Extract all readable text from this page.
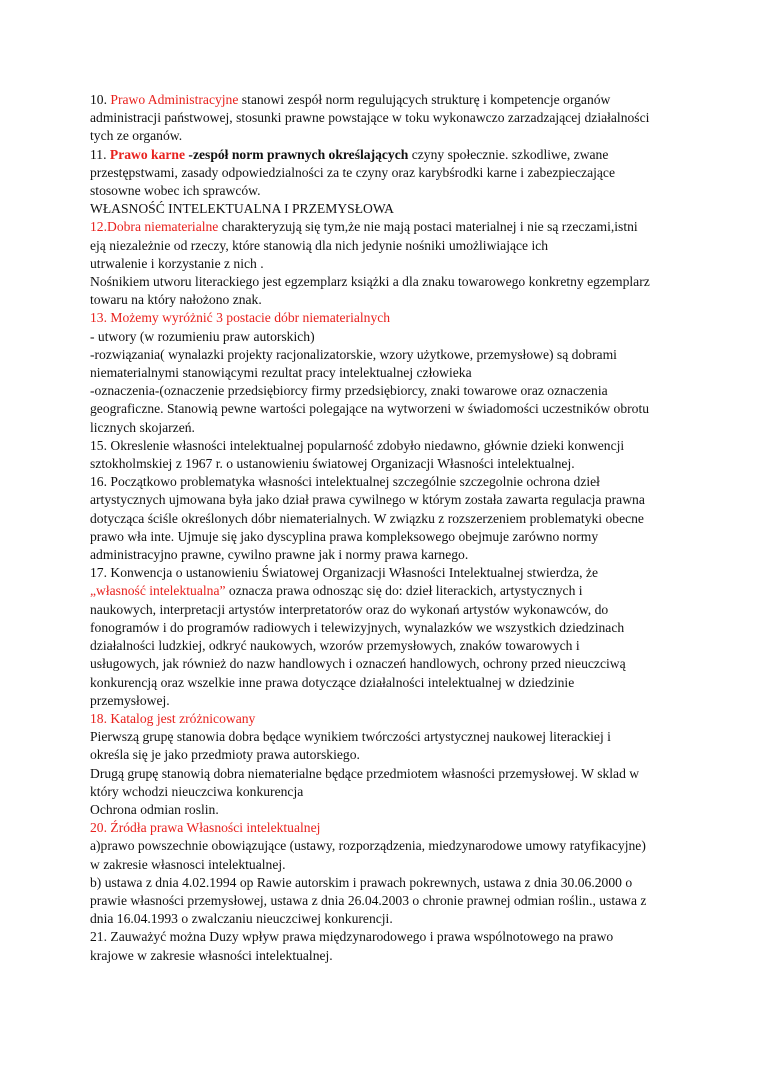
10. Prawo Administracyjne stanowi zespół norm regulujących strukturę i kompetencje organów
administracji państwowej, stosunki prawne powstające w toku wykonawczo zarzadzającej działalności
tych ze organów.
11. Prawo karne -zespół norm prawnych określających czyny społecznie. szkodliwe, zwane
przestępstwami, zasady odpowiedzialności za te czyny oraz karybśrodki karne i zabezpieczające
stosowne wobec ich sprawców.
WŁASNOŚĆ INTELEKTUALNA I PRZEMYSŁOWA
12.Dobra niematerialne charakteryzują się tym,że nie mają postaci materialnej i nie są rzeczami,istni
eją niezależnie od rzeczy, które stanowią dla nich jedynie nośniki umożliwiające ich
utrwalenie i korzystanie z nich .
Nośnikiem utworu literackiego jest egzemplarz książki a dla znaku towarowego konkretny egzemplarz
towaru na który nałożono znak.
13. Możemy wyróżnić 3 postacie dóbr niematerialnych
- utwory (w rozumieniu praw autorskich)
-rozwiązania( wynalazki projekty racjonalizatorskie, wzory użytkowe, przemysłowe) są dobrami
niematerialnymi stanowiącymi rezultat pracy intelektualnej człowieka
-oznaczenia-(oznaczenie przedsiębiorcy firmy przedsiębiorcy, znaki towarowe oraz oznaczenia
geograficzne. Stanowią pewne wartości polegające na wytworzeni w świadomości uczestników obrotu
licznych skojarzeń.
15. Okreslenie własności intelektualnej popularność zdobyło niedawno, głównie dzieki konwencji
sztokholmskiej z 1967 r. o ustanowieniu światowej Organizacji Własności intelektualnej.
16. Początkowo problematyka własności intelektualnej szczególnie szczegolnie ochrona dzieł
artystycznych ujmowana była jako dział prawa cywilnego w którym została zawarta regulacja prawna
dotycząca ściśle określonych dóbr niematerialnych. W związku z rozszerzeniem problematyki obecne
prawo wła inte. Ujmuje się jako dyscyplina prawa kompleksowego obejmuje zarówno normy
administracyjno prawne, cywilno prawne jak i normy prawa karnego.
17. Konwencja o ustanowieniu Światowej Organizacji Własności Intelektualnej stwierdza, że
„własność intelektualna” oznacza prawa odnosząc się do: dzieł literackich, artystycznych i
naukowych, interpretacji artystów interpretatorów oraz do wykonań artystów wykonawców, do
fonogramów i do programów radiowych i telewizyjnych, wynalazków we wszystkich dziedzinach
działalności ludzkiej, odkryć naukowych, wzorów przemysłowych, znaków towarowych i
usługowych, jak również do nazw handlowych i oznaczeń handlowych, ochrony przed nieuczciwą
konkurencją oraz wszelkie inne prawa dotyczące działalności intelektualnej w dziedzinie
przemysłowej.
18. Katalog jest zróżnicowany
Pierwszą grupę stanowia dobra będące wynikiem twórczości artystycznej naukowej literackiej i
określa się je jako przedmioty prawa autorskiego.
Drugą grupę stanowią dobra niematerialne będące przedmiotem własności przemysłowej. W sklad w
który wchodzi nieuczciwa konkurencja
Ochrona odmian roslin.
20. Źródła prawa Własności intelektualnej
a)prawo powszechnie obowiązujące (ustawy, rozporządzenia, miedzynarodowe umowy ratyfikacyjne)
w zakresie własnosci intelektualnej.
b) ustawa z dnia 4.02.1994 op Rawie autorskim i prawach pokrewnych, ustawa z dnia 30.06.2000 o
prawie własności przemysłowej, ustawa z dnia 26.04.2003 o chronie prawnej odmian roślin., ustawa z
dnia 16.04.1993 o zwalczaniu nieuczciwej konkurencji.
21. Zauważyć można Duzy wpływ prawa międzynarodowego i prawa wspólnotowego na prawo
krajowe w zakresie własności intelektualnej.
